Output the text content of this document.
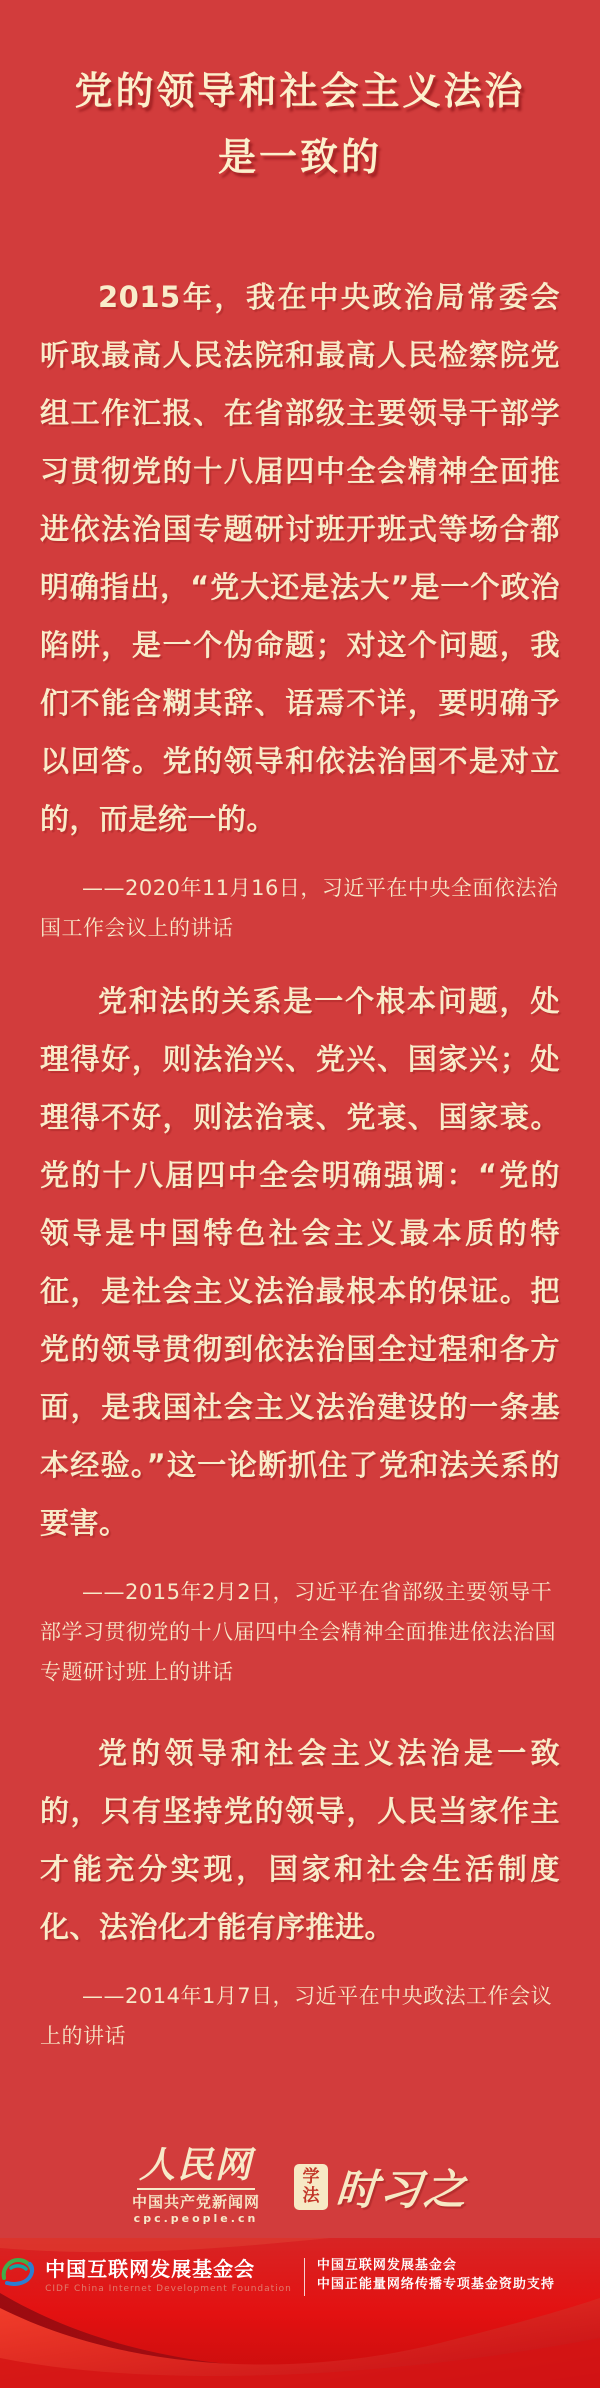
党的领导和社会主义法治
是一致的

2015年，我在中央政治局常委会听取最高人民法院和最高人民检察院党组工作汇报、在省部级主要领导干部学习贯彻党的十八届四中全会精神全面推进依法治国专题研讨班开班式等场合都明确指出，“党大还是法大”是一个政治陷阱，是一个伪命题；对这个问题，我们不能含糊其辞、语焉不详，要明确予以回答。党的领导和依法治国不是对立的，而是统一的。

——2020年11月16日，习近平在中央全面依法治国工作会议上的讲话

党和法的关系是一个根本问题，处理得好，则法治兴、党兴、国家兴；处理得不好，则法治衰、党衰、国家衰。党的十八届四中全会明确强调：“党的领导是中国特色社会主义最本质的特征，是社会主义法治最根本的保证。把党的领导贯彻到依法治国全过程和各方面，是我国社会主义法治建设的一条基本经验。”这一论断抓住了党和法关系的要害。

——2015年2月2日，习近平在省部级主要领导干部学习贯彻党的十八届四中全会精神全面推进依法治国专题研讨班上的讲话

党的领导和社会主义法治是一致的，只有坚持党的领导，人民当家作主才能充分实现，国家和社会生活制度化、法治化才能有序推进。

——2014年1月7日，习近平在中央政法工作会议上的讲话

人民网
中国共产党新闻网
cpc.people.cn
学
法 时习之
中国互联网发展基金会
CIDF China Internet Development Foundation
中国互联网发展基金会
中国正能量网络传播专项基金资助支持
